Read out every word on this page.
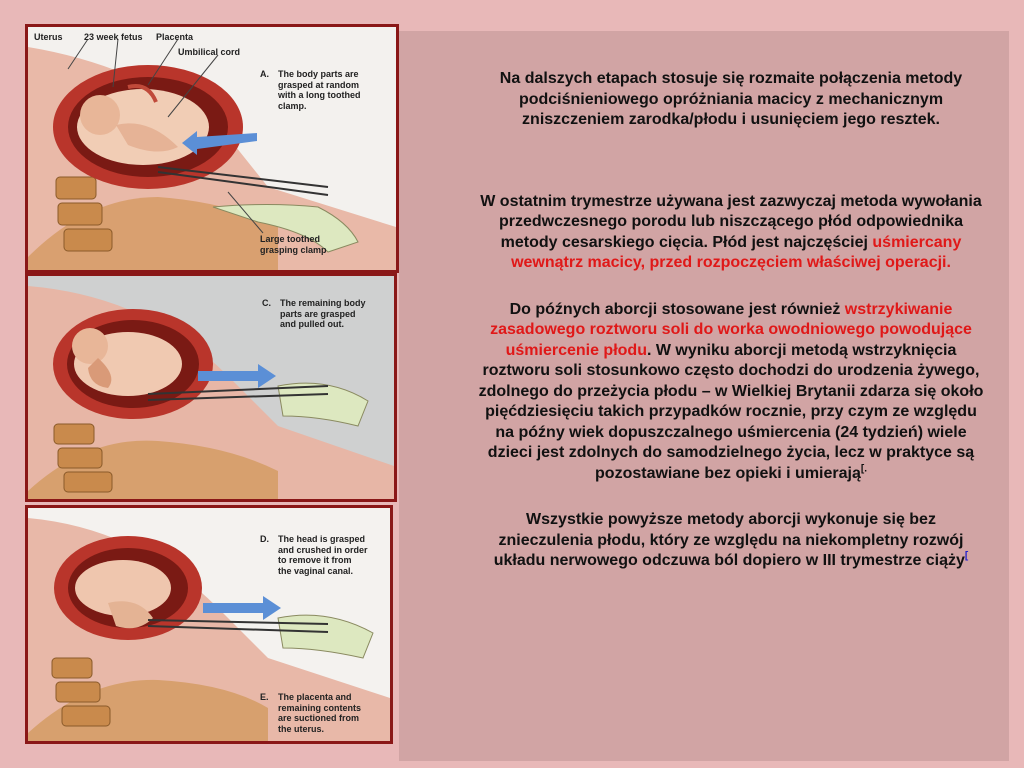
Uterus 23 week fetus Placenta
Umbilical cord
A. The body parts are
grasped at random
with a long toothed
clamp.
Large toothed
grasping clamp
C. The remaining body
parts are grasped
and pulled out.
D. The head is grasped
and crushed in order
to remove it from
the vaginal canal.
E. The placenta and
remaining contents
are suctioned from
the uterus.

Na dalszych etapach stosuje się rozmaite połączenia metody podciśnieniowego opróżniania macicy z mechanicznym zniszczeniem zarodka/płodu i usunięciem jego resztek.

W ostatnim trymestrze używana jest zazwyczaj metoda wywołania przedwczesnego porodu lub niszczącego płód odpowiednika metody cesarskiego cięcia. Płód jest najczęściej uśmiercany wewnątrz macicy, przed rozpoczęciem właściwej operacji.

Do późnych aborcji stosowane jest również wstrzykiwanie zasadowego roztworu soli do worka owodniowego powodujące uśmiercenie płodu. W wyniku aborcji metodą wstrzyknięcia roztworu soli stosunkowo często dochodzi do urodzenia żywego, zdolnego do przeżycia płodu – w Wielkiej Brytanii zdarza się około pięćdziesięciu takich przypadków rocznie, przy czym ze względu na późny wiek dopuszczalnego uśmiercenia (24 tydzień) wiele dzieci jest zdolnych do samodzielnego życia, lecz w praktyce są pozostawiane bez opieki i umierają[.

Wszystkie powyższe metody aborcji wykonuje się bez znieczulenia płodu, który ze względu na niekompletny rozwój układu nerwowego odczuwa ból dopiero w III trymestrze ciąży[
